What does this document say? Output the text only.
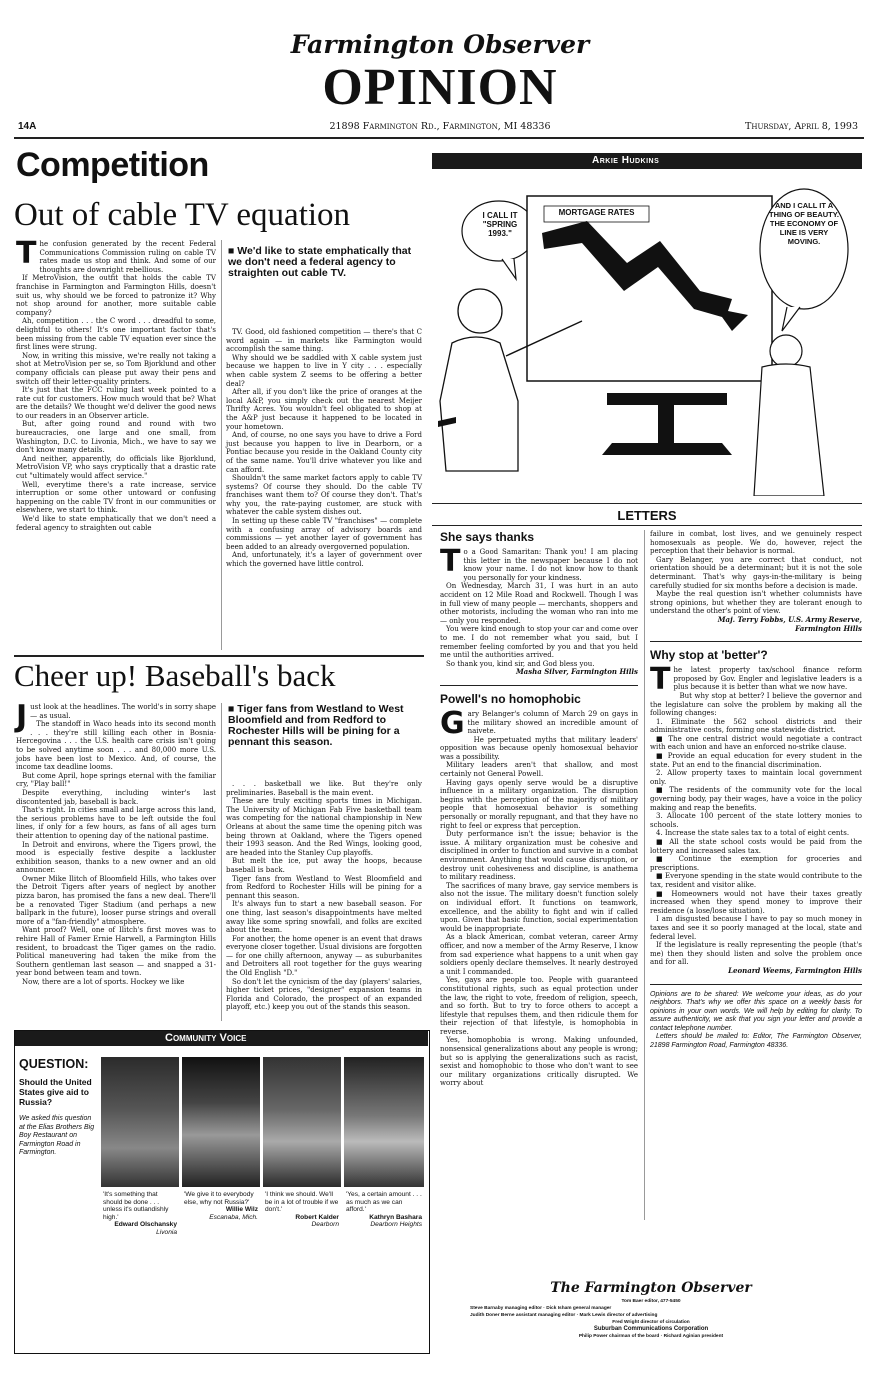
Farmington Observer
OPINION
14A	21898 Farmington Rd., Farmington, MI 48336	Thursday, April 8, 1993
Competition
Out of cable TV equation

The confusion generated by the recent Federal Communications Commission ruling on cable TV rates made us stop and think. And some of our thoughts are downright rebellious.

If MetroVision, the outfit that holds the cable TV franchise in Farmington and Farmington Hills, doesn't suit us, why should we be forced to patronize it? Why not shop around for another, more suitable cable company?

Ah, competition . . . the C word . . . dreadful to some, delightful to others! It's one important factor that's been missing from the cable TV equation ever since the first lines were strung.

Now, in writing this missive, we're really not taking a shot at MetroVision per se, so Tom Bjorklund and other company officials can please put away their pens and switch off their letter-quality printers.

It's just that the FCC ruling last week pointed to a rate cut for customers. How much would that be? What are the details? We thought we'd deliver the good news to our readers in an Observer article.

But, after going round and round with two bureaucracies, one large and one small, from Washington, D.C. to Livonia, Mich., we have to say we don't know many details.

And neither, apparently, do officials like Bjorklund, MetroVision VP, who says cryptically that a drastic rate cut "ultimately would affect service."

Well, everytime there's a rate increase, service interruption or some other untoward or confusing happening on the cable TV front in our communities or elsewhere, we start to think.

We'd like to state emphatically that we don't need a federal agency to straighten out cable

■ We'd like to state emphatically that we don't need a federal agency to straighten out cable TV.

TV. Good, old fashioned competition — there's that C word again — in markets like Farmington would accomplish the same thing.

Why should we be saddled with X cable system just because we happen to live in Y city . . . especially when cable system Z seems to be offering a better deal?

After all, if you don't like the price of oranges at the local A&P, you simply check out the nearest Meijer Thrifty Acres. You wouldn't feel obligated to shop at the A&P just because it happened to be located in your hometown.

And, of course, no one says you have to drive a Ford just because you happen to live in Dearborn, or a Pontiac because you reside in the Oakland County city of the same name. You'll drive whatever you like and can afford.

Shouldn't the same market factors apply to cable TV systems? Of course they should. Do the cable TV franchises want them to? Of course they don't. That's why you, the rate-paying customer, are stuck with whatever the cable system dishes out.

In setting up these cable TV "franchises" — complete with a confusing array of advisory boards and commissions — yet another layer of government has been added to an already overgoverned population.

And, unfortunately, it's a layer of government over which the governed have little control.

Arkie Hudkins
I CALL IT "SPRING 1993."
MORTGAGE RATES
AND I CALL IT A THING OF BEAUTY. THE ECONOMY OF LINE IS VERY MOVING.
Cheer up! Baseball's back

Just look at the headlines. The world's in sorry shape — as usual.

The standoff in Waco heads into its second month . . . they're still killing each other in Bosnia-Hercegovina . . . the U.S. health care crisis isn't going to be solved anytime soon . . . and 80,000 more U.S. jobs have been lost to Mexico. And, of course, the income tax deadline looms.

But come April, hope springs eternal with the familiar cry, "Play ball!"

Despite everything, including winter's last discontented jab, baseball is back.

That's right. In cities small and large across this land, the serious problems have to be left outside the foul lines, if only for a few hours, as fans of all ages turn their attention to opening day of the national pastime.

In Detroit and environs, where the Tigers prowl, the mood is especially festive despite a lackluster exhibition season, thanks to a new owner and an old announcer.

Owner Mike Ilitch of Bloomfield Hills, who takes over the Detroit Tigers after years of neglect by another pizza baron, has promised the fans a new deal. There'll be a renovated Tiger Stadium (and perhaps a new ballpark in the future), looser purse strings and overall more of a "fan-friendly" atmosphere.

Want proof? Well, one of Ilitch's first moves was to rehire Hall of Famer Ernie Harwell, a Farmington Hills resident, to broadcast the Tiger games on the radio. Political maneuvering had taken the mike from the Southern gentleman last season — and snapped a 31-year bond between team and town.

Now, there are a lot of sports. Hockey we like

■ Tiger fans from Westland to West Bloomfield and from Redford to Rochester Hills will be pining for a pennant this season.

. . . basketball we like. But they're only preliminaries. Baseball is the main event.

These are truly exciting sports times in Michigan. The University of Michigan Fab Five basketball team was competing for the national championship in New Orleans at about the same time the opening pitch was being thrown at Oakland, where the Tigers opened their 1993 season. And the Red Wings, looking good, are headed into the Stanley Cup playoffs.

But melt the ice, put away the hoops, because baseball is back.

Tiger fans from Westland to West Bloomfield and from Redford to Rochester Hills will be pining for a pennant this season.

It's always fun to start a new baseball season. For one thing, last season's disappointments have melted away like some spring snowfall, and folks are excited about the team.

For another, the home opener is an event that draws everyone closer together. Usual divisions are forgotten — for one chilly afternoon, anyway — as suburbanites and Detroiters all root together for the guys wearing the Old English "D."

So don't let the cynicism of the day (players' salaries, higher ticket prices, "designer" expansion teams in Florida and Colorado, the prospect of an expanded playoff, etc.) keep you out of the stands this season.

Community Voice
QUESTION:
Should the United States give aid to Russia?
We asked this question at the Elias Brothers Big Boy Restaurant on Farmington Road in Farmington.
'It's something that should be done . . . unless it's outlandishly high.'
Edward Olschansky
Livonia
'We give it to everybody else, why not Russia?'
Willie Wilz
Escanaba, Mich.
'I think we should. We'll be in a lot of trouble if we don't.'
Robert Kalder
Dearborn
'Yes, a certain amount . . . as much as we can afford.'
Kathryn Bashara
Dearborn Heights
LETTERS
She says thanks

To a Good Samaritan: Thank you! I am placing this letter in the newspaper because I do not know your name. I do not know how to thank you personally for your kindness.

On Wednesday, March 31, I was hurt in an auto accident on 12 Mile Road and Rockwell. Though I was in full view of many people — merchants, shoppers and other motorists, including the woman who ran into me — only you responded.

You were kind enough to stop your car and come over to me. I do not remember what you said, but I remember feeling comforted by you and that you held me until the authorities arrived.

So thank you, kind sir, and God bless you.

Masha Silver, Farmington Hills
Powell's no homophobic

Gary Belanger's column of March 29 on gays in the military showed an incredible amount of naivete.

He perpetuated myths that military leaders' opposition was because openly homosexual behavior was a possibility.

Military leaders aren't that shallow, and most certainly not General Powell.

Having gays openly serve would be a disruptive influence in a military organization. The disruption begins with the perception of the majority of military people that homosexual behavior is something personally or morally repugnant, and that they have no right to feel or express that perception.

Duty performance isn't the issue; behavior is the issue. A military organization must be cohesive and disciplined in order to function and survive in a combat environment. Anything that would cause disruption, or destroy unit cohesiveness and discipline, is anathema to military readiness.

The sacrifices of many brave, gay service members is also not the issue. The military doesn't function solely on individual effort. It functions on teamwork, excellence, and the ability to fight and win if called upon. Given that basic function, social experimentation would be inappropriate.

As a black American, combat veteran, career Army officer, and now a member of the Army Reserve, I know from sad experience what happens to a unit when gay soldiers openly declare themselves. It nearly destroyed a unit I commanded.

Yes, gays are people too. People with guaranteed constitutional rights, such as equal protection under the law, the right to vote, freedom of religion, speech, and so forth. But to try to force others to accept a lifestyle that repulses them, and then ridicule them for their rejection of that lifestyle, is homophobia in reverse.

Yes, homophobia is wrong. Making unfounded, nonsensical generalizations about any people is wrong; but so is applying the generalizations such as racist, sexist and homophobic to those who don't want to see our military organizations critically disrupted. We worry about

failure in combat, lost lives, and we genuinely respect homosexuals as people. We do, however, reject the perception that their behavior is normal.

Gary Belanger, you are correct that conduct, not orientation should be a determinant; but it is not the sole determinant. That's why gays-in-the-military is being carefully studied for six months before a decision is made.

Maybe the real question isn't whether columnists have strong opinions, but whether they are tolerant enough to understand the other's point of view.

Maj. Terry Fobbs, U.S. Army Reserve, Farmington Hills
Why stop at 'better'?

The latest property tax/school finance reform proposed by Gov. Engler and legislative leaders is a plus because it is better than what we now have.

But why stop at better? I believe the governor and the legislature can solve the problem by making all the following changes:

1. Eliminate the 562 school districts and their administrative costs, forming one statewide district.

■ The one central district would negotiate a contract with each union and have an enforced no-strike clause.

■ Provide an equal education for every student in the state. Put an end to the financial discrimination.

2. Allow property taxes to maintain local government only.

■ The residents of the community vote for the local governing body, pay their wages, have a voice in the policy making and reap the benefits.

3. Allocate 100 percent of the state lottery monies to schools.

4. Increase the state sales tax to a total of eight cents.

■ All the state school costs would be paid from the lottery and increased sales tax.

■ Continue the exemption for groceries and prescriptions.

■ Everyone spending in the state would contribute to the tax, resident and visitor alike.

■ Homeowners would not have their taxes greatly increased when they spend money to improve their residence (a lose/lose situation).

I am disgusted because I have to pay so much money in taxes and see it so poorly managed at the local, state and federal level.

If the legislature is really representing the people (that's me) then they should listen and solve the problem once and for all.

Leonard Weems, Farmington Hills
Opinions are to be shared: We welcome your ideas, as do your neighbors. That's why we offer this space on a weekly basis for opinions in your own words. We will help by editing for clarity. To assure authenticity, we ask that you sign your letter and provide a contact telephone number.
Letters should be mailed to: Editor, The Farmington Observer, 21898 Farmington Road, Farmington 48336.
The Farmington Observer
Tom Baer editor, 477-5450
Steve Barnaby managing editor · Dick Isham general manager
Judith Doner Berne assistant managing editor · Mark Lewis director of advertising
Fred Wright director of circulation
Suburban Communications Corporation
Philip Power chairman of the board · Richard Aginian president
